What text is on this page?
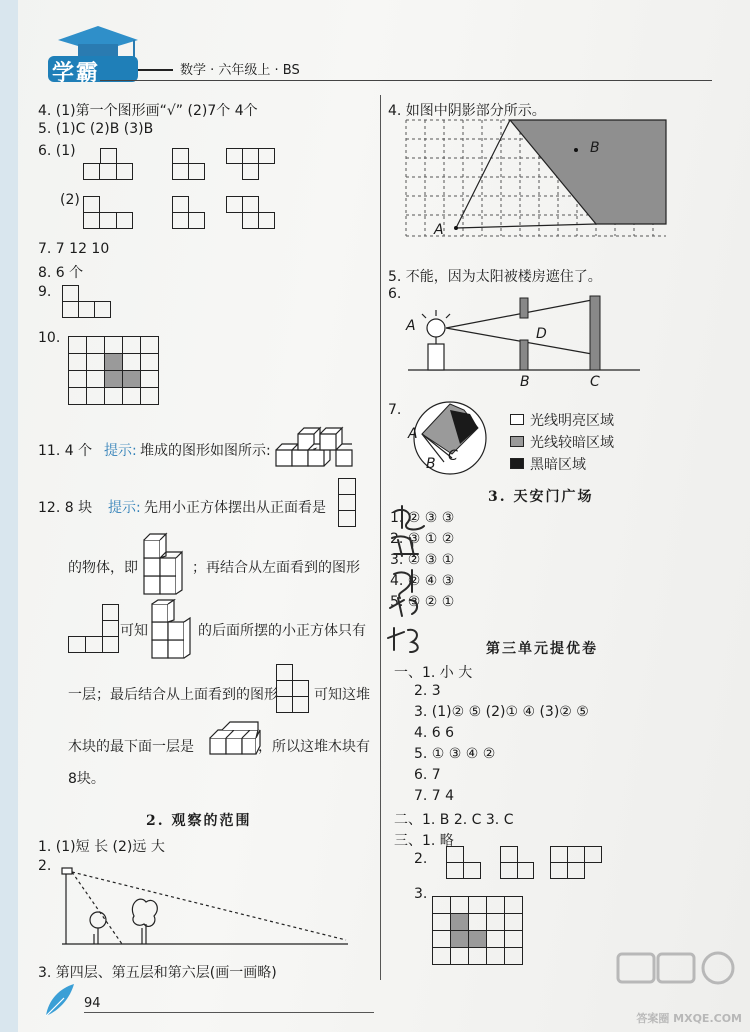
学霸	数学 · 六年级上 · BS
4. (1)第一个图形画“√” (2)7个 4个
5. (1)C (2)B (3)B
6. (1)
(2)
7. 7 12 10
8. 6 个
9.
10.
11. 4 个 提示: 堆成的图形如图所示:
12. 8 块 提示: 先用小正方体摆出从正面看是
的物体，即	；再结合从左面看到的图形
可知	的后面所摆的小正方体只有
一层；最后结合从上面看到的图形	可知这堆
木块的最下面一层是	，所以这堆木块有
8块。
2. 观察的范围
1. (1)短 长 (2)远 大
2.
3. 第四层、第五层和第六层(画一画略)
94
4. 如图中阴影部分所示。
B
A
5. 不能，因为太阳被楼房遮住了。
6.
A	D
B	C
7.
A
B C
光线明亮区域
光线较暗区域
黑暗区域
3. 天安门广场
1. ② ③ ③
2. ③ ① ②
3. ② ③ ①
4. ② ④ ③
5. ③ ② ①
第三单元提优卷
一、1. 小 大
2. 3
3. (1)② ⑤ (2)① ④ (3)② ⑤
4. 6 6
5. ① ③ ④ ②
6. 7
7. 7 4
二、1. B 2. C 3. C
三、1. 略
2.
3.
答案圈 MXQE.COM
